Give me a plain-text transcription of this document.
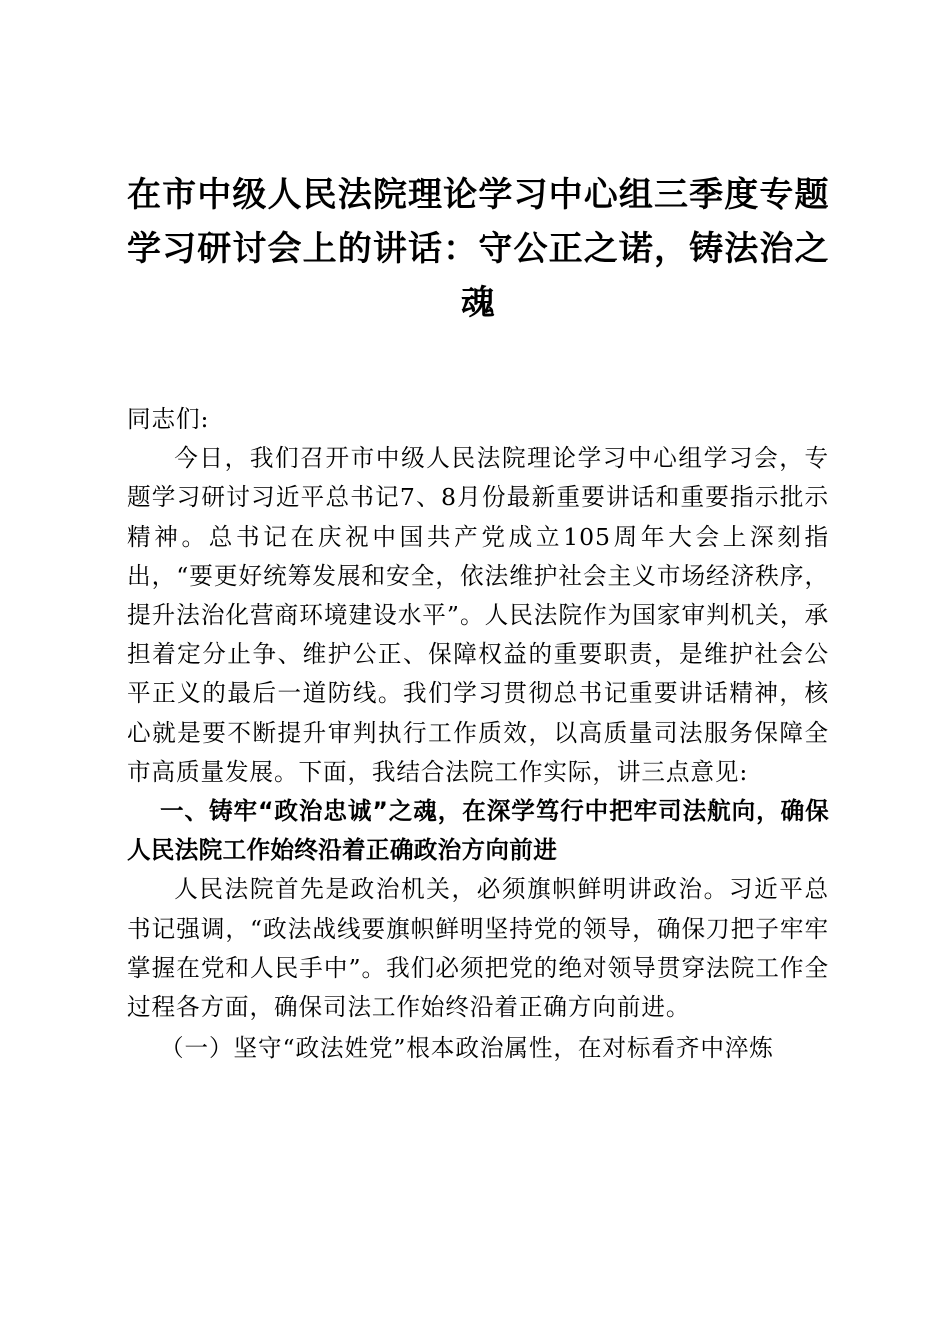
在市中级人民法院理论学习中心组三季度专题学习研讨会上的讲话：守公正之诺，铸法治之魂

同志们:

今日，我们召开市中级人民法院理论学习中心组学习会，专题学习研讨习近平总书记7、8月份最新重要讲话和重要指示批示精神。总书记在庆祝中国共产党成立105周年大会上深刻指出，“要更好统筹发展和安全，依法维护社会主义市场经济秩序，提升法治化营商环境建设水平”。人民法院作为国家审判机关，承担着定分止争、维护公正、保障权益的重要职责，是维护社会公平正义的最后一道防线。我们学习贯彻总书记重要讲话精神，核心就是要不断提升审判执行工作质效，以高质量司法服务保障全市高质量发展。下面，我结合法院工作实际，讲三点意见:

一、铸牢“政治忠诚”之魂，在深学笃行中把牢司法航向，确保人民法院工作始终沿着正确政治方向前进

人民法院首先是政治机关，必须旗帜鲜明讲政治。习近平总书记强调，“政法战线要旗帜鲜明坚持党的领导，确保刀把子牢牢掌握在党和人民手中”。我们必须把党的绝对领导贯穿法院工作全过程各方面，确保司法工作始终沿着正确方向前进。

（一）坚守“政法姓党”根本政治属性，在对标看齐中淬炼
